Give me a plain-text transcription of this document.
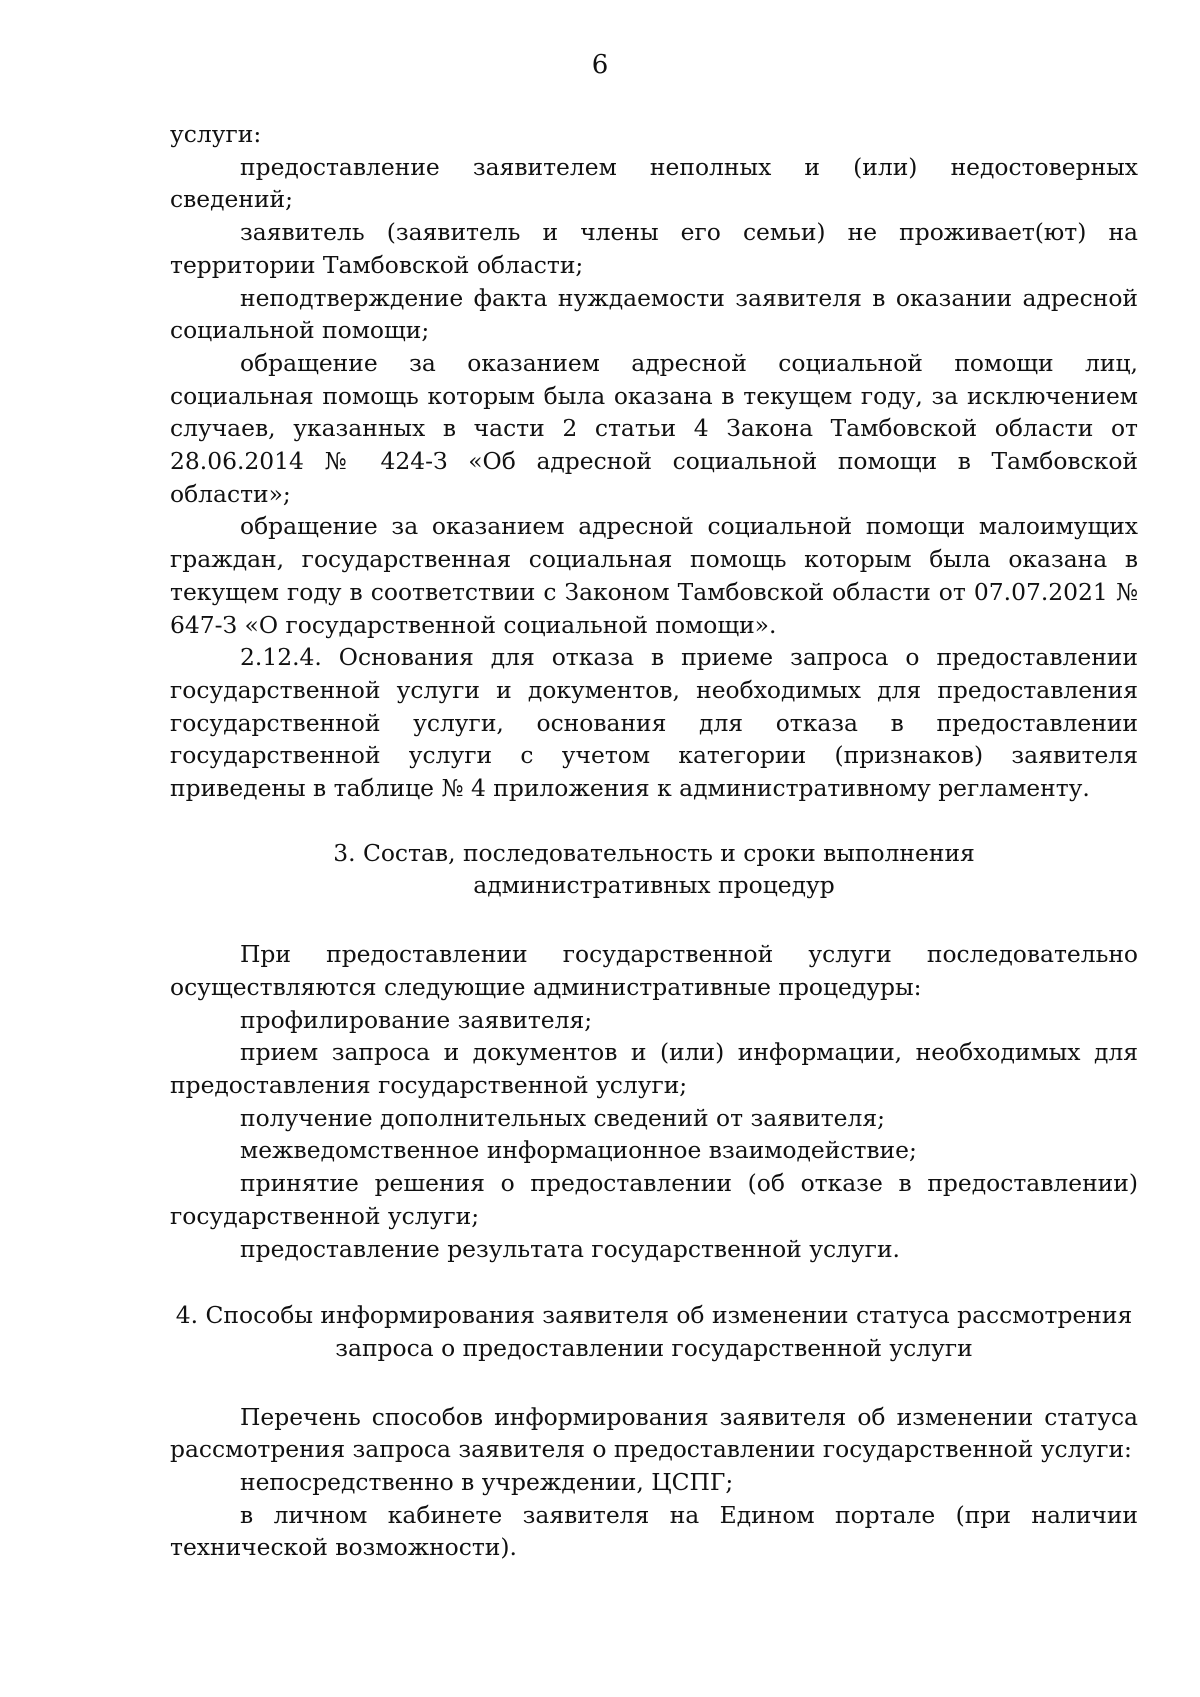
6

услуги:

предоставление заявителем неполных и (или) недостоверных сведений;

заявитель (заявитель и члены его семьи) не проживает(ют) на территории Тамбовской области;

неподтверждение факта нуждаемости заявителя в оказании адресной социальной помощи;

обращение за оказанием адресной социальной помощи лиц, социальная помощь которым была оказана в текущем году, за исключением случаев, указанных в части 2 статьи 4 Закона Тамбовской области от 28.06.2014 № 424-З «Об адресной социальной помощи в Тамбовской области»;

обращение за оказанием адресной социальной помощи малоимущих граждан, государственная социальная помощь которым была оказана в текущем году в соответствии с Законом Тамбовской области от 07.07.2021 № 647-З «О государственной социальной помощи».

2.12.4. Основания для отказа в приеме запроса о предоставлении государственной услуги и документов, необходимых для предоставления государственной услуги, основания для отказа в предоставлении государственной услуги с учетом категории (признаков) заявителя приведены в таблице № 4 приложения к административному регламенту.

3. Состав, последовательность и сроки выполнения
административных процедур

При предоставлении государственной услуги последовательно осуществляются следующие административные процедуры:

профилирование заявителя;

прием запроса и документов и (или) информации, необходимых для предоставления государственной услуги;

получение дополнительных сведений от заявителя;

межведомственное информационное взаимодействие;

принятие решения о предоставлении (об отказе в предоставлении) государственной услуги;

предоставление результата государственной услуги.

4. Способы информирования заявителя об изменении статуса рассмотрения
запроса о предоставлении государственной услуги

Перечень способов информирования заявителя об изменении статуса рассмотрения запроса заявителя о предоставлении государственной услуги:

непосредственно в учреждении, ЦСПГ;

в личном кабинете заявителя на Едином портале (при наличии технической возможности).
